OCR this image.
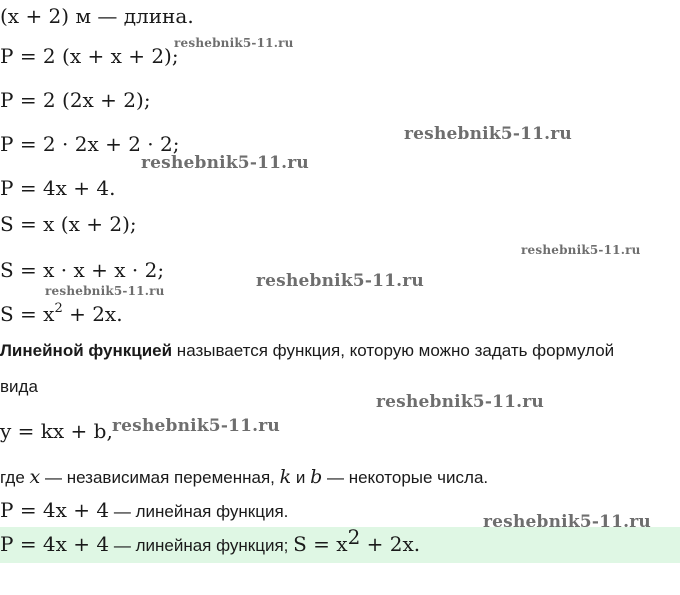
(x + 2) м — длина.
P = 2 (x + x + 2);
P = 2 (2x + 2);
P = 2 · 2x + 2 · 2;
P = 4x + 4.
S = x (x + 2);
S = x · x + x · 2;
$S = x^2 + 2x$.
Линейной функцией называется функция, которую можно задать формулой
вида
y = kx + b,
где x — независимая переменная, k и b — некоторые числа.
P = 4x + 4 — линейная функция.
P = 4x + 4 — линейная функция; $S = x^2 + 2x$.
reshebnik5-11.ru
reshebnik5-11.ru
reshebnik5-11.ru
reshebnik5-11.ru
reshebnik5-11.ru
reshebnik5-11.ru
reshebnik5-11.ru
reshebnik5-11.ru
reshebnik5-11.ru
